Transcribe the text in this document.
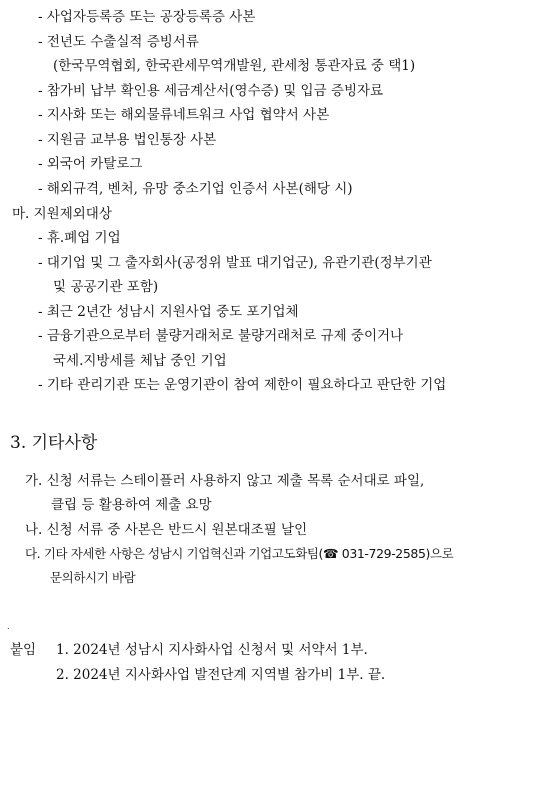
- 사업자등록증 또는 공장등록증 사본
- 전년도 수출실적 증빙서류
(한국무역협회, 한국관세무역개발원, 관세청 통관자료 중 택1)
- 참가비 납부 확인용 세금계산서(영수증) 및 입금 증빙자료
- 지사화 또는 해외물류네트워크 사업 협약서 사본
- 지원금 교부용 법인통장 사본
- 외국어 카탈로그
- 해외규격, 벤처, 유망 중소기업 인증서 사본(해당 시)
마. 지원제외대상
- 휴.폐업 기업
- 대기업 및 그 출자회사(공정위 발표 대기업군), 유관기관(정부기관
및 공공기관 포함)
- 최근 2년간 성남시 지원사업 중도 포기업체
- 금융기관으로부터 불량거래처로 불량거래처로 규제 중이거나
국세.지방세를 체납 중인 기업
- 기타 관리기관 또는 운영기관이 참여 제한이 필요하다고 판단한 기업
3. 기타사항
가. 신청 서류는 스테이플러 사용하지 않고 제출 목록 순서대로 파일,
클립 등 활용하여 제출 요망
나. 신청 서류 중 사본은 반드시 원본대조필 날인
다. 기타 자세한 사항은 성남시 기업혁신과 기업고도화팀(☎ 031-729-2585)으로
문의하시기 바람
.
붙임 1. 2024년 성남시 지사화사업 신청서 및 서약서 1부.
2. 2024년 지사화사업 발전단계 지역별 참가비 1부. 끝.
